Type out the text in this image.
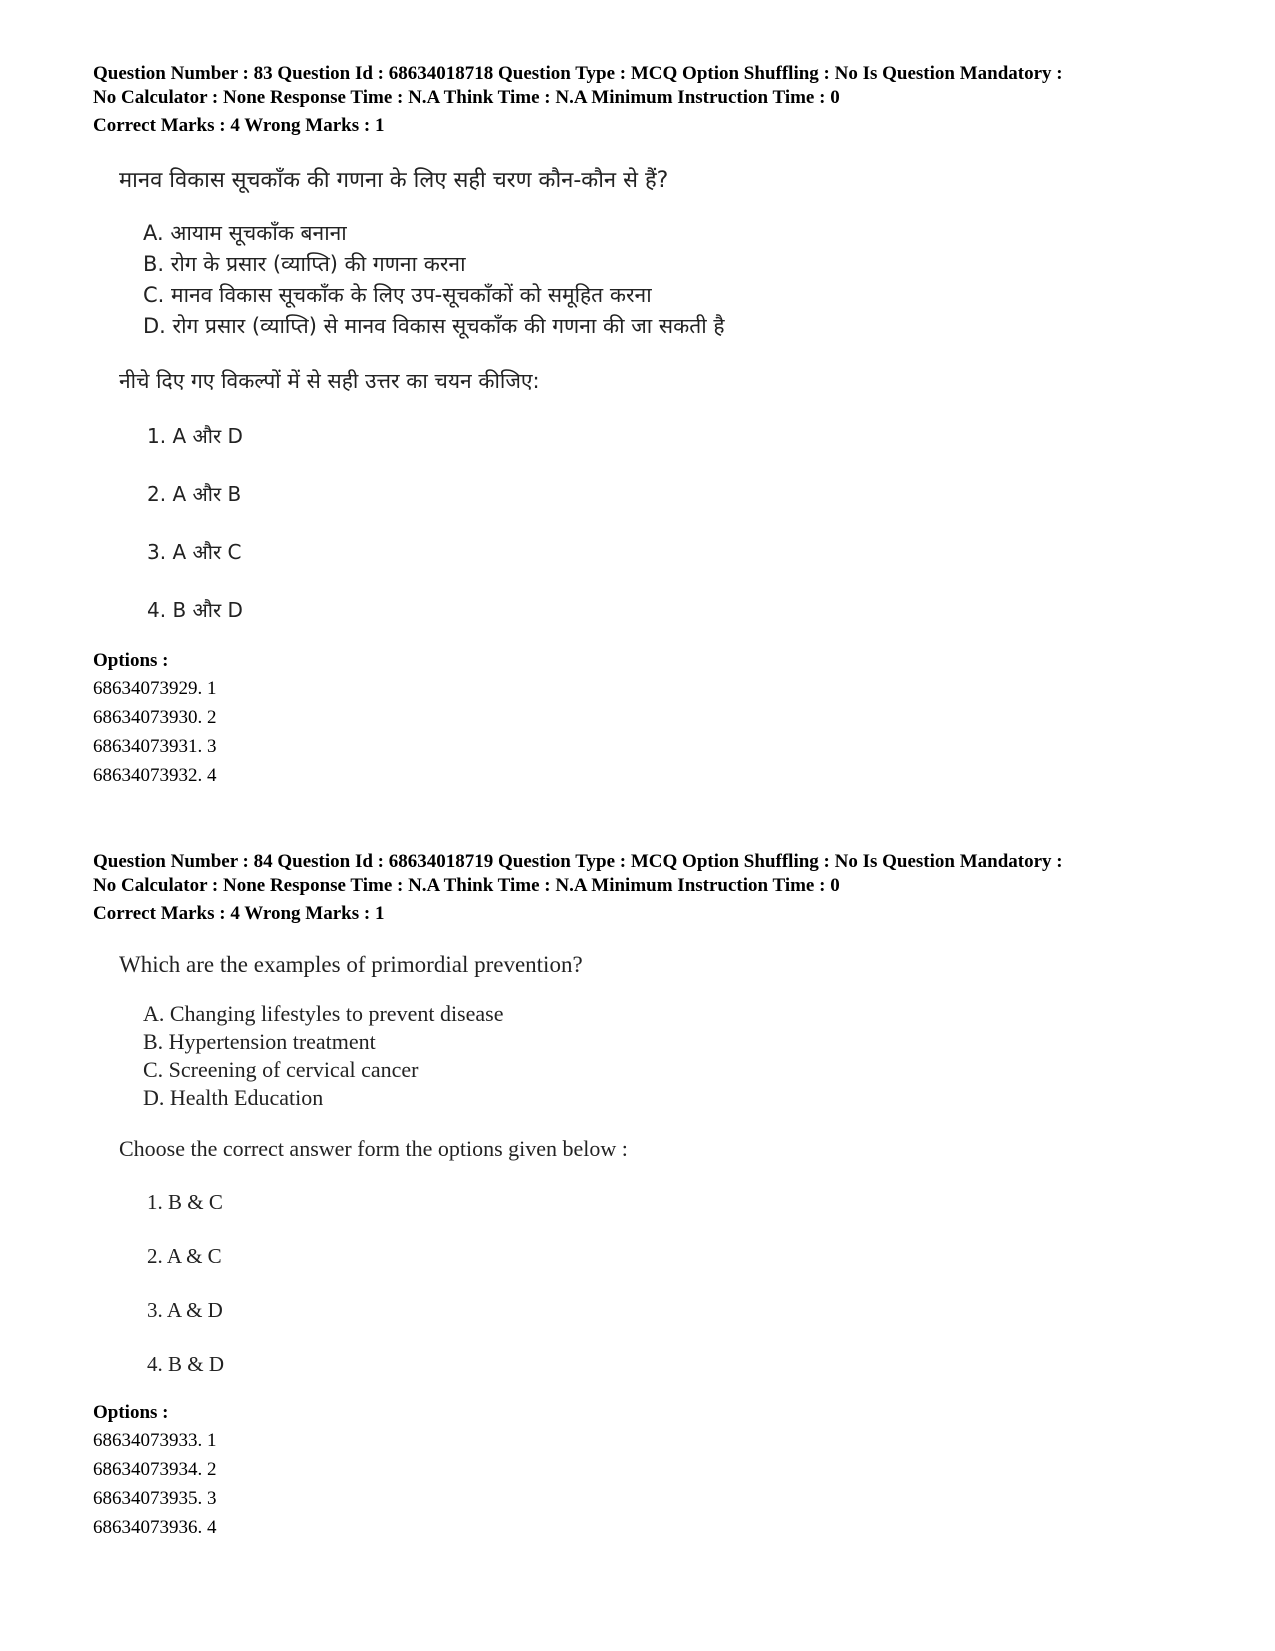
Question Number : 83 Question Id : 68634018718 Question Type : MCQ Option Shuffling : No Is Question Mandatory :
No Calculator : None Response Time : N.A Think Time : N.A Minimum Instruction Time : 0
Correct Marks : 4 Wrong Marks : 1
मानव विकास सूचकाँक की गणना के लिए सही चरण कौन-कौन से हैं?
A. आयाम सूचकाँक बनाना
B. रोग के प्रसार (व्याप्ति) की गणना करना
C. मानव विकास सूचकाँक के लिए उप-सूचकाँकों को समूहित करना
D. रोग प्रसार (व्याप्ति) से मानव विकास सूचकाँक की गणना की जा सकती है
नीचे दिए गए विकल्पों में से सही उत्तर का चयन कीजिए:
1. A और D
2. A और B
3. A और C
4. B और D
Options :
68634073929. 1
68634073930. 2
68634073931. 3
68634073932. 4
Question Number : 84 Question Id : 68634018719 Question Type : MCQ Option Shuffling : No Is Question Mandatory :
No Calculator : None Response Time : N.A Think Time : N.A Minimum Instruction Time : 0
Correct Marks : 4 Wrong Marks : 1
Which are the examples of primordial prevention?
A. Changing lifestyles to prevent disease
B. Hypertension treatment
C. Screening of cervical cancer
D. Health Education
Choose the correct answer form the options given below :
1. B & C
2. A & C
3. A & D
4. B & D
Options :
68634073933. 1
68634073934. 2
68634073935. 3
68634073936. 4
